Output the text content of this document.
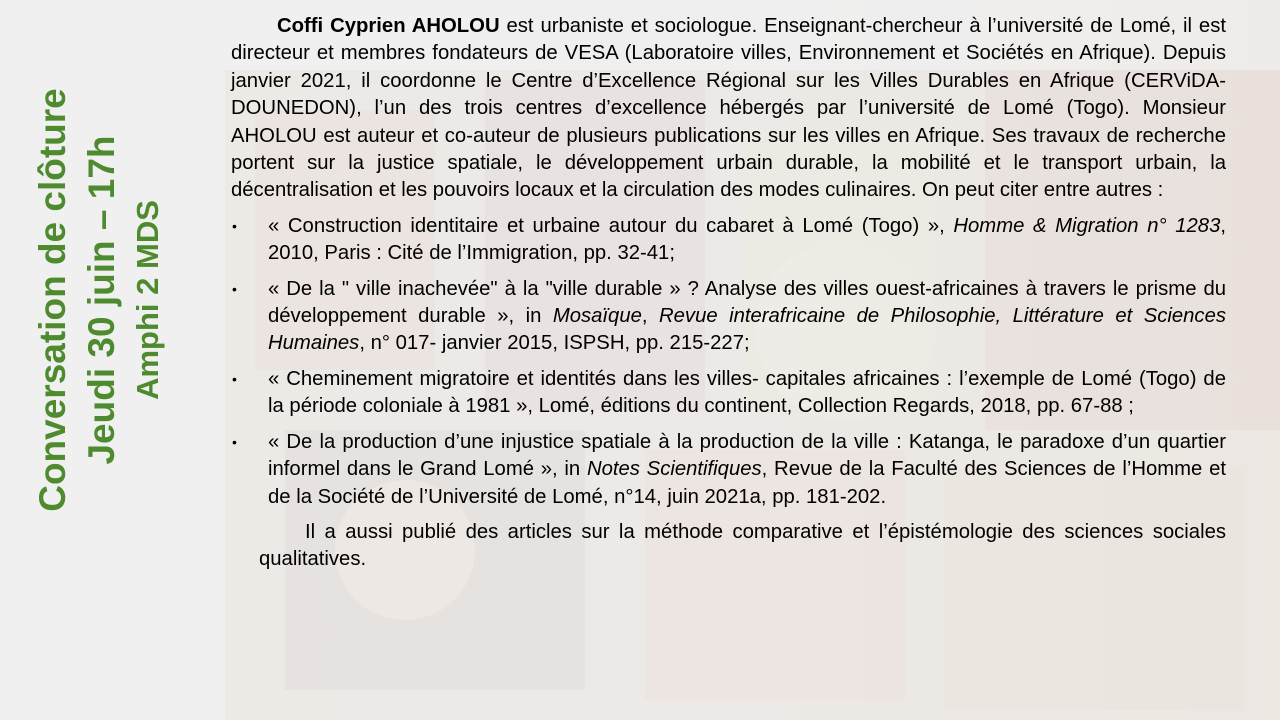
Conversation de clôture Jeudi 30 juin – 17h Amphi 2 MDS

Coffi Cyprien AHOLOU est urbaniste et sociologue. Enseignant-chercheur à l’université de Lomé, il est directeur et membres fondateurs de VESA (Laboratoire villes, Environnement et Sociétés en Afrique). Depuis janvier 2021, il coordonne le Centre d’Excellence Régional sur les Villes Durables en Afrique (CERViDA-DOUNEDON), l’un des trois centres d’excellence hébergés par l’université de Lomé (Togo). Monsieur AHOLOU est auteur et co-auteur de plusieurs publications sur les villes en Afrique. Ses travaux de recherche portent sur la justice spatiale, le développement urbain durable, la mobilité et le transport urbain, la décentralisation et les pouvoirs locaux et la circulation des modes culinaires. On peut citer entre autres :

• « Construction identitaire et urbaine autour du cabaret à Lomé (Togo) », Homme & Migration n° 1283, 2010, Paris : Cité de l’Immigration, pp. 32-41;
• « De la " ville inachevée" à la "ville durable » ? Analyse des villes ouest-africaines à travers le prisme du développement durable », in Mosaïque, Revue interafricaine de Philosophie, Littérature et Sciences Humaines, n° 017- janvier 2015, ISPSH, pp. 215-227;
• « Cheminement migratoire et identités dans les villes- capitales africaines : l’exemple de Lomé (Togo) de la période coloniale à 1981 », Lomé, éditions du continent, Collection Regards, 2018, pp. 67-88 ;
• « De la production d’une injustice spatiale à la production de la ville : Katanga, le paradoxe d’un quartier informel dans le Grand Lomé », in Notes Scientifiques, Revue de la Faculté des Sciences de l’Homme et de la Société de l’Université de Lomé, n°14, juin 2021a, pp. 181-202.

Il a aussi publié des articles sur la méthode comparative et l’épistémologie des sciences sociales qualitatives.
